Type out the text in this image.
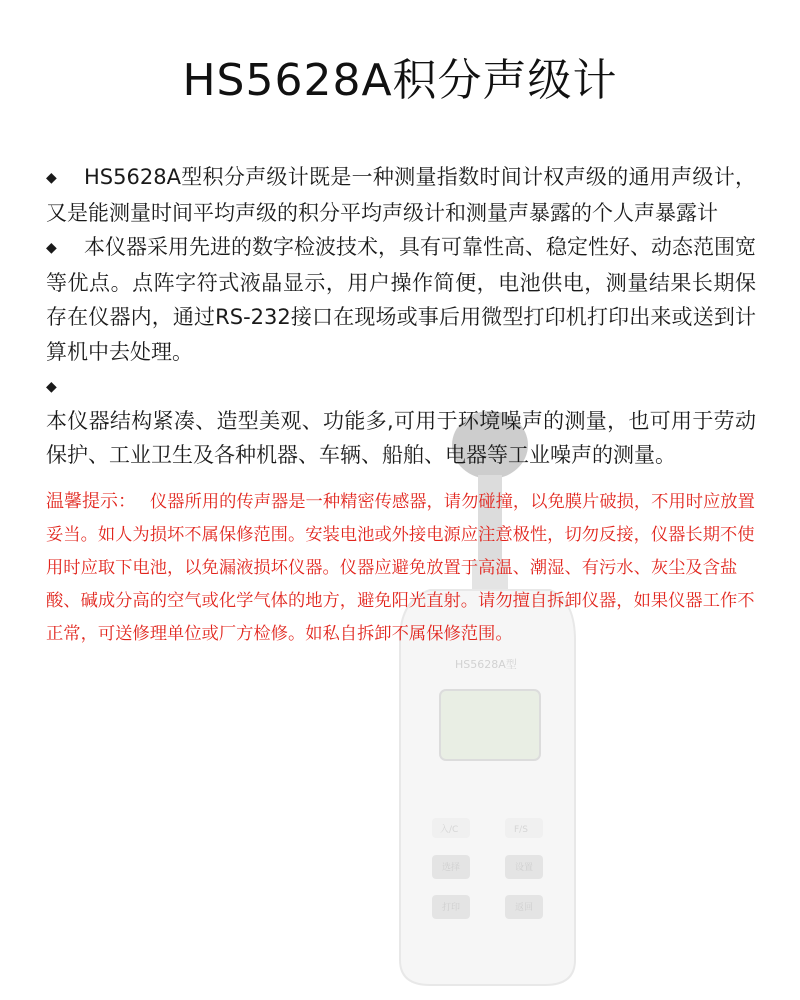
HS5628A型
入/C	F/S
选择	设置
打印	返回
HS5628A积分声级计
◆ HS5628A型积分声级计既是一种测量指数时间计权声级的通用声级计，又是能测量时间平均声级的积分平均声级计和测量声暴露的个人声暴露计
◆ 本仪器采用先进的数字检波技术，具有可靠性高、稳定性好、动态范围宽等优点。点阵字符式液晶显示，用户操作简便，电池供电，测量结果长期保存在仪器内，通过RS-232接口在现场或事后用微型打印机打印出来或送到计算机中去处理。
◆
本仪器结构紧凑、造型美观、功能多,可用于环境噪声的测量，也可用于劳动保护、工业卫生及各种机器、车辆、船舶、电器等工业噪声的测量。
温馨提示： 仪器所用的传声器是一种精密传感器，请勿碰撞，以免膜片破损，不用时应放置妥当。如人为损坏不属保修范围。安装电池或外接电源应注意极性，切勿反接，仪器长期不使用时应取下电池，以免漏液损坏仪器。仪器应避免放置于高温、潮湿、有污水、灰尘及含盐酸、碱成分高的空气或化学气体的地方，避免阳光直射。请勿擅自拆卸仪器，如果仪器工作不正常，可送修理单位或厂方检修。如私自拆卸不属保修范围。
